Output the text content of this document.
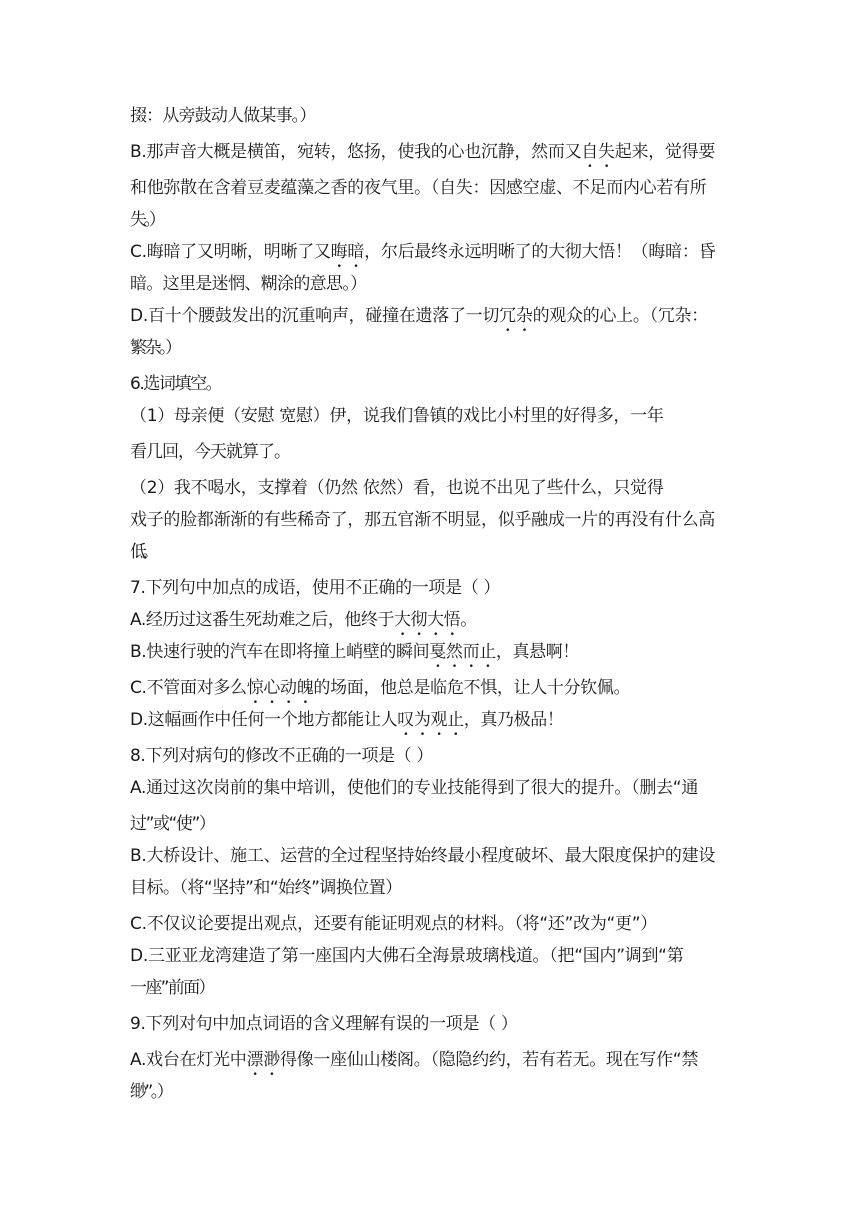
掇：从旁鼓动人做某事。）
B.那声音大概是横笛，宛转，悠扬，使我的心也沉静，然而又自失起来，觉得要
和他弥散在含着豆麦蕴藻之香的夜气里。（自失：因感空虚、不足而内心若有所
失。）
C.晦暗了又明晰，明晰了又晦暗，尔后最终永远明晰了的大彻大悟！（晦暗：昏
暗。这里是迷惘、糊涂的意思。）
D.百十个腰鼓发出的沉重响声，碰撞在遗落了一切冗杂的观众的心上。（冗杂：
繁杂。）
6.选词填空。
（1）母亲便（安慰 宽慰）伊，说我们鲁镇的戏比小村里的好得多，一年
看几回，今天就算了。
（2）我不喝水，支撑着（仍然 依然）看，也说不出见了些什么，只觉得
戏子的脸都渐渐的有些稀奇了，那五官渐不明显，似乎融成一片的再没有什么高
低。
7.下列句中加点的成语，使用不正确的一项是（ ）
A.经历过这番生死劫难之后，他终于大彻大悟。
B.快速行驶的汽车在即将撞上峭壁的瞬间戛然而止，真悬啊！
C.不管面对多么惊心动魄的场面，他总是临危不惧，让人十分钦佩。
D.这幅画作中任何一个地方都能让人叹为观止，真乃极品！
8.下列对病句的修改不正确的一项是（ ）
A.通过这次岗前的集中培训，使他们的专业技能得到了很大的提升。（删去“通
过”或“使”）
B.大桥设计、施工、运营的全过程坚持始终最小程度破坏、最大限度保护的建设
目标。（将“坚持”和“始终”调换位置）
C.不仅议论要提出观点，还要有能证明观点的材料。（将“还”改为“更”）
D.三亚亚龙湾建造了第一座国内大佛石全海景玻璃栈道。（把“国内”调到“第
一座”前面）
9.下列对句中加点词语的含义理解有误的一项是（ ）
A.戏台在灯光中漂渺得像一座仙山楼阁。（隐隐约约，若有若无。现在写作“禁
缈”。）
